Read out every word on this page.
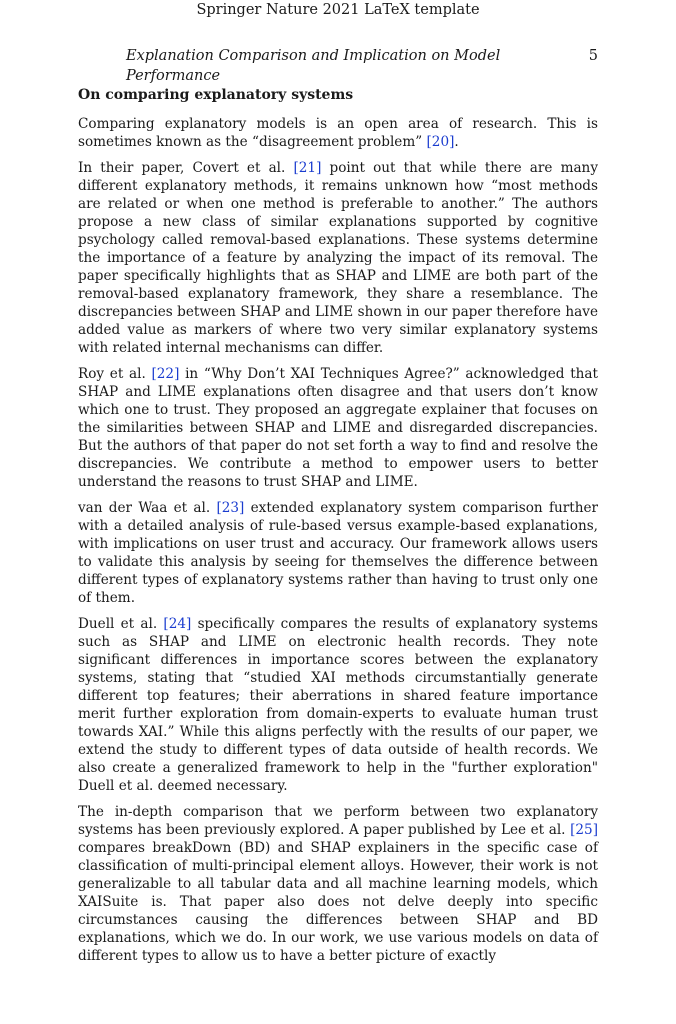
Springer Nature 2021 LaTeX template
Explanation Comparison and Implication on Model Performance
5
On comparing explanatory systems

Comparing explanatory models is an open area of research. This is sometimes known as the “disagreement problem” [20].

In their paper, Covert et al. [21] point out that while there are many different explanatory methods, it remains unknown how “most methods are related or when one method is preferable to another.” The authors propose a new class of similar explanations supported by cognitive psychology called removal-based explanations. These systems determine the importance of a feature by analyzing the impact of its removal. The paper specifically highlights that as SHAP and LIME are both part of the removal-based explanatory framework, they share a resemblance. The discrepancies between SHAP and LIME shown in our paper therefore have added value as markers of where two very similar explanatory systems with related internal mechanisms can differ.

Roy et al. [22] in “Why Don’t XAI Techniques Agree?” acknowledged that SHAP and LIME explanations often disagree and that users don’t know which one to trust. They proposed an aggregate explainer that focuses on the similarities between SHAP and LIME and disregarded discrepancies. But the authors of that paper do not set forth a way to find and resolve the discrepancies. We contribute a method to empower users to better understand the reasons to trust SHAP and LIME.

van der Waa et al. [23] extended explanatory system comparison further with a detailed analysis of rule-based versus example-based explanations, with implications on user trust and accuracy. Our framework allows users to validate this analysis by seeing for themselves the difference between different types of explanatory systems rather than having to trust only one of them.

Duell et al. [24] specifically compares the results of explanatory systems such as SHAP and LIME on electronic health records. They note significant differences in importance scores between the explanatory systems, stating that “studied XAI methods circumstantially generate different top features; their aberrations in shared feature importance merit further exploration from domain-experts to evaluate human trust towards XAI.” While this aligns perfectly with the results of our paper, we extend the study to different types of data outside of health records. We also create a generalized framework to help in the "further exploration" Duell et al. deemed necessary.

The in-depth comparison that we perform between two explanatory systems has been previously explored. A paper published by Lee et al. [25] compares breakDown (BD) and SHAP explainers in the specific case of classification of multi-principal element alloys. However, their work is not generalizable to all tabular data and all machine learning models, which XAISuite is. That paper also does not delve deeply into specific circumstances causing the differences between SHAP and BD explanations, which we do. In our work, we use various models on data of different types to allow us to have a better picture of exactly
